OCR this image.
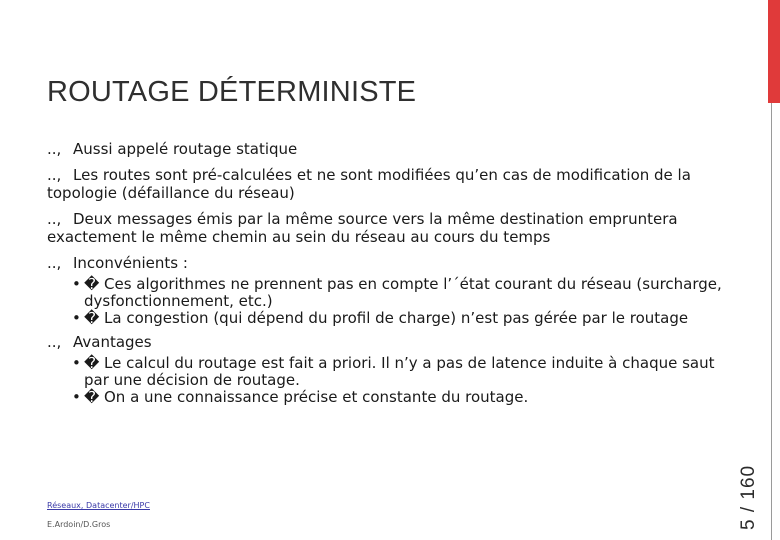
5 / 160
ROUTAGE DÉTERMINISTE

.., Aussi appelé routage statique

.., Les routes sont pré-calculées et ne sont modifiées qu’en cas de modification de la topologie (défaillance du réseau)

.., Deux messages émis par la même source vers la même destination empruntera exactement le même chemin au sein du réseau au cours du temps

.., Inconvénients :

• � Ces algorithmes ne prennent pas en compte l’´état courant du réseau (surcharge, dysfonctionnement, etc.)
• � La congestion (qui dépend du profil de charge) n’est pas gérée par le routage

.., Avantages

• � Le calcul du routage est fait a priori. Il n’y a pas de latence induite à chaque saut par une décision de routage.
• � On a une connaissance précise et constante du routage.
Réseaux, Datacenter/HPC
E.Ardoin/D.Gros
